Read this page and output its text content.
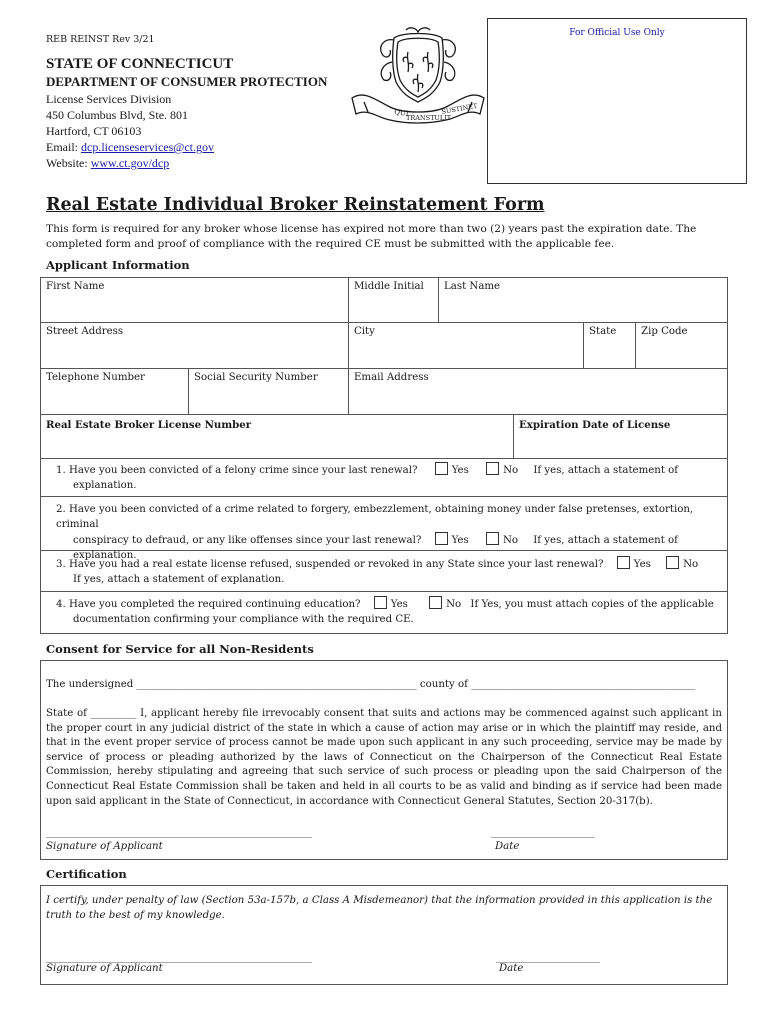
REB REINST Rev 3/21
STATE OF CONNECTICUT
DEPARTMENT OF CONSUMER PROTECTION
License Services Division
450 Columbus Blvd, Ste. 801
Hartford, CT 06103
Email: dcp.licenseservices@ct.gov
Website: www.ct.gov/dcp
QUI
TRANSTULIT
SUSTINET
For Official Use Only
Real Estate Individual Broker Reinstatement Form
This form is required for any broker whose license has expired not more than two (2) years past the expiration date. The completed form and proof of compliance with the required CE must be submitted with the applicable fee.
Applicant Information
First Name	Middle Initial	Last Name
Street Address	City	State	Zip Code
Telephone Number	Social Security Number	Email Address
Real Estate Broker License Number	Expiration Date of License
1. Have you been convicted of a felony crime since your last renewal?	Yes	No If yes, attach a statement of
explanation.
2. Have you been convicted of a crime related to forgery, embezzlement, obtaining money under false pretenses, extortion, criminal
conspiracy to defraud, or any like offenses since your last renewal?	Yes	No If yes, attach a statement of
explanation.
3. Have you had a real estate license refused, suspended or revoked in any State since your last renewal?	Yes	No
If yes, attach a statement of explanation.
4. Have you completed the required continuing education?	Yes	No If Yes, you must attach copies of the applicable
documentation confirming your compliance with the required CE.
Consent for Service for all Non-Residents
The undersigned _______________________________________________________ county of ____________________________________________
State of _________ I, applicant hereby file irrevocably consent that suits and actions may be commenced against such applicant in the proper court in any judicial district of the state in which a cause of action may arise or in which the plaintiff may reside, and that in the event proper service of process cannot be made upon such applicant in any such proceeding, service may be made by service of process or pleading authorized by the laws of Connecticut on the Chairperson of the Connecticut Real Estate Commission, hereby stipulating and agreeing that such service of such process or pleading upon the said Chairperson of the Connecticut Real Estate Commission shall be taken and held in all courts to be as valid and binding as if service had been made upon said applicant in the State of Connecticut, in accordance with Connecticut General Statutes, Section 20-317(b).
___________________________________________________________	_______________________
Signature of Applicant	Date
Certification
I certify, under penalty of law (Section 53a-157b, a Class A Misdemeanor) that the information provided in this application is the truth to the best of my knowledge.
___________________________________________________________	_______________________
Signature of Applicant	Date
